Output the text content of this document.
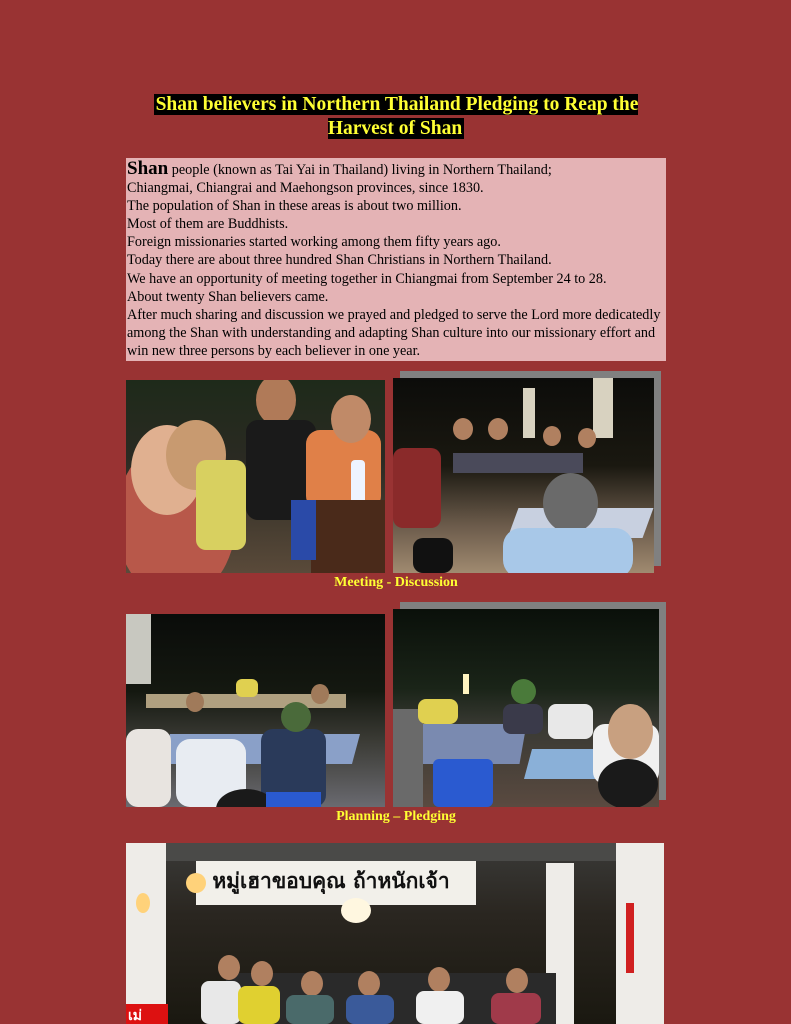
Shan believers in Northern Thailand Pledging to Reap the Harvest of Shan

Shan people (known as Tai Yai in Thailand) living in Northern Thailand;

Chiangmai, Chiangrai and Maehongson provinces, since 1830.

The population of Shan in these areas is about two million.

Most of them are Buddhists.

Foreign missionaries started working among them fifty years ago.

Today there are about three hundred Shan Christians in Northern Thailand.

We have an opportunity of meeting together in Chiangmai from September 24 to 28.

About twenty Shan believers came.

After much sharing and discussion we prayed and pledged to serve the Lord more dedicatedly among the Shan with understanding and adapting Shan culture into our missionary effort and win new three persons by each believer in one year.

Meeting - Discussion
Planning – Pledging
หมู่เฮาขอบคุณ ถ้าหนักเจ้า
เม่
